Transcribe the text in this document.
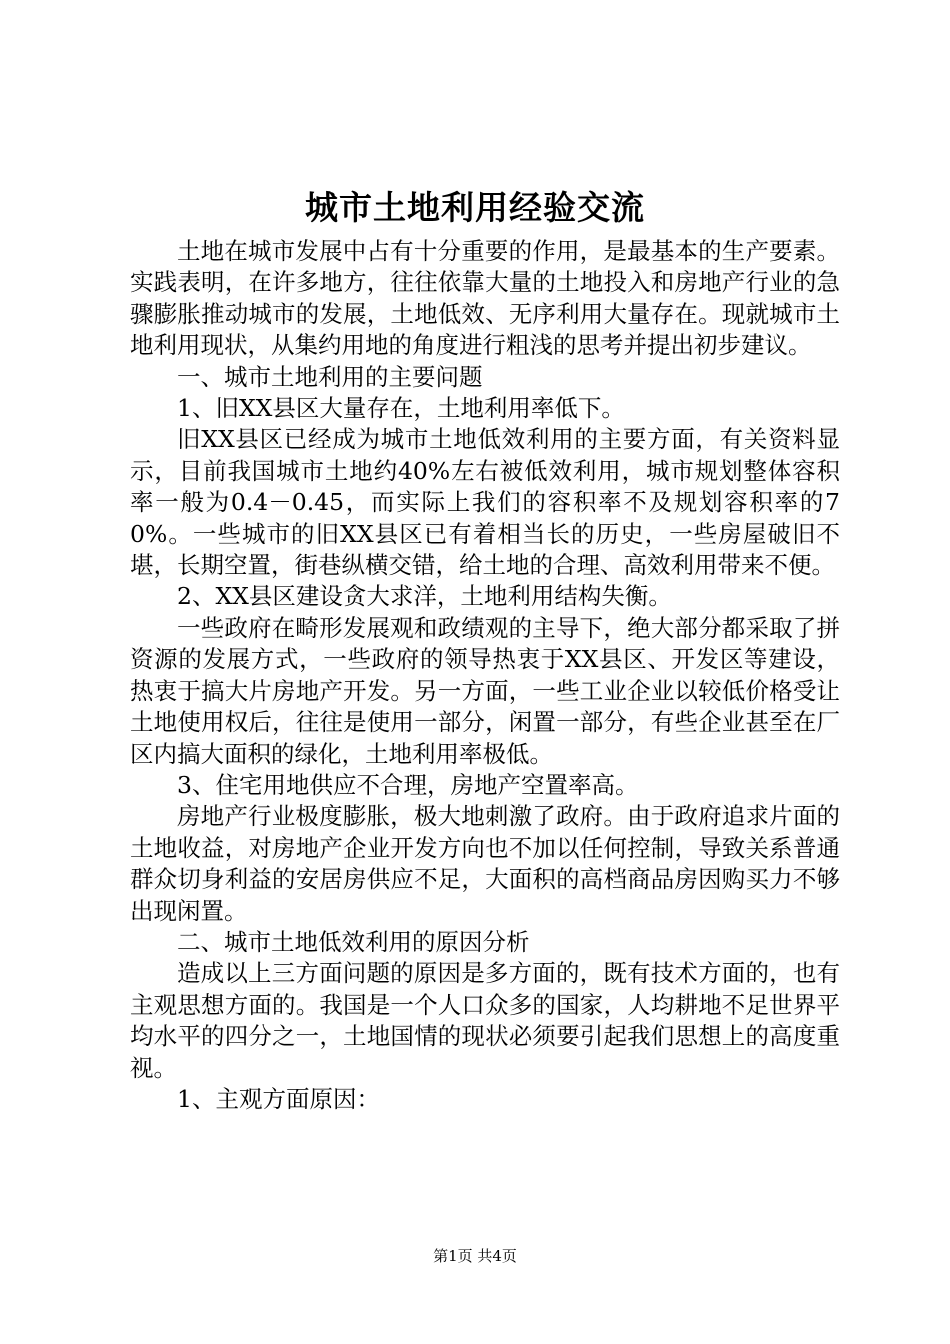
城市土地利用经验交流

土地在城市发展中占有十分重要的作用，是最基本的生产要素。实践表明，在许多地方，往往依靠大量的土地投入和房地产行业的急骤膨胀推动城市的发展，土地低效、无序利用大量存在。现就城市土地利用现状，从集约用地的角度进行粗浅的思考并提出初步建议。

一、城市土地利用的主要问题

1、旧XX县区大量存在，土地利用率低下。

旧XX县区已经成为城市土地低效利用的主要方面，有关资料显示，目前我国城市土地约40%左右被低效利用，城市规划整体容积率一般为0.4－0.45，而实际上我们的容积率不及规划容积率的70%。一些城市的旧XX县区已有着相当长的历史，一些房屋破旧不堪，长期空置，街巷纵横交错，给土地的合理、高效利用带来不便。

2、XX县区建设贪大求洋，土地利用结构失衡。

一些政府在畸形发展观和政绩观的主导下，绝大部分都采取了拼资源的发展方式，一些政府的领导热衷于XX县区、开发区等建设，热衷于搞大片房地产开发。另一方面，一些工业企业以较低价格受让土地使用权后，往往是使用一部分，闲置一部分，有些企业甚至在厂区内搞大面积的绿化，土地利用率极低。

3、住宅用地供应不合理，房地产空置率高。

房地产行业极度膨胀，极大地刺激了政府。由于政府追求片面的土地收益，对房地产企业开发方向也不加以任何控制，导致关系普通群众切身利益的安居房供应不足，大面积的高档商品房因购买力不够出现闲置。

二、城市土地低效利用的原因分析

造成以上三方面问题的原因是多方面的，既有技术方面的，也有主观思想方面的。我国是一个人口众多的国家，人均耕地不足世界平均水平的四分之一，土地国情的现状必须要引起我们思想上的高度重视。

1、主观方面原因：

第1页 共4页
